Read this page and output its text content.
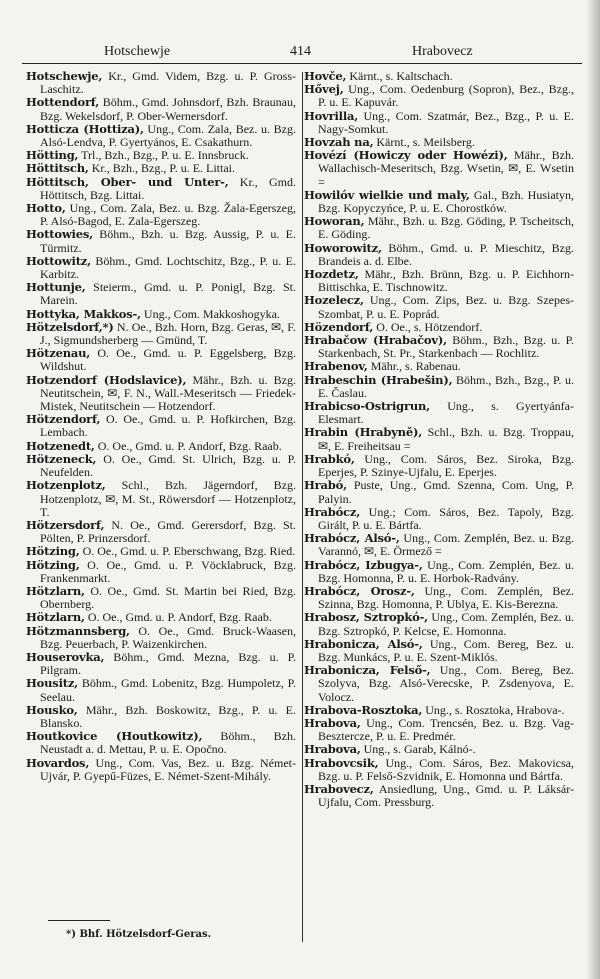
Hotschewje	414	Hrabovecz

Hotschewje, Kr., Gmd. Videm, Bzg. u. P. Gross-Laschitz.

Hottendorf, Böhm., Gmd. Johnsdorf, Bzh. Braunau, Bzg. Wekelsdorf, P. Ober-Wernersdorf.

Hotticza (Hottiza), Ung., Com. Zala, Bez. u. Bzg. Alsó-Lendva, P. Gyertyános, E. Csakathurn.

Hötting, Trl., Bzh., Bzg., P. u. E. Innsbruck.

Höttitsch, Kr., Bzh., Bzg., P. u. E. Littai.

Höttitsch, Ober- und Unter-, Kr., Gmd. Höttitsch, Bzg. Littai.

Hotto, Ung., Com. Zala, Bez. u. Bzg. Žala-Egerszeg, P. Alsó-Bagod, E. Zala-Egerszeg.

Hottowies, Böhm., Bzh. u. Bzg. Aussig, P. u. E. Türmitz.

Hottowitz, Böhm., Gmd. Lochtschitz, Bzg., P. u. E. Karbitz.

Hottunje, Steierm., Gmd. u. P. Ponigl, Bzg. St. Marein.

Hottyka, Makkos-, Ung., Com. Makkoshogyka.

Hötzelsdorf,*) N. Oe., Bzh. Horn, Bzg. Geras, ✉, F. J., Sigmundsherberg — Gmünd, T.

Hötzenau, O. Oe., Gmd. u. P. Eggelsberg, Bzg. Wildshut.

Hotzendorf (Hodslavice), Mähr., Bzh. u. Bzg. Neutitschein, ✉, F. N., Wall.-Meseritsch — Friedek-Mistek, Neutitschein — Hotzendorf.

Hötzendorf, O. Oe., Gmd. u. P. Hofkirchen, Bzg. Lembach.

Hotzenedt, O. Oe., Gmd. u. P. Andorf, Bzg. Raab.

Hötzeneck, O. Oe., Gmd. St. Ulrich, Bzg. u. P. Neufelden.

Hotzenplotz, Schl., Bzh. Jägerndorf, Bzg. Hotzenplotz, ✉, M. St., Röwersdorf — Hotzenplotz, T.

Hötzersdorf, N. Oe., Gmd. Gerersdorf, Bzg. St. Pölten, P. Prinzersdorf.

Hötzing, O. Oe., Gmd. u. P. Eberschwang, Bzg. Ried.

Hötzing, O. Oe., Gmd. u. P. Vöcklabruck, Bzg. Frankenmarkt.

Hötzlarn, O. Oe., Gmd. St. Martin bei Ried, Bzg. Obernberg.

Hötzlarn, O. Oe., Gmd. u. P. Andorf, Bzg. Raab.

Hötzmannsberg, O. Oe., Gmd. Bruck-Waasen, Bzg. Peuerbach, P. Waizenkirchen.

Houserovka, Böhm., Gmd. Mezna, Bzg. u. P. Pilgram.

Housitz, Böhm., Gmd. Lobenitz, Bzg. Humpoletz, P. Seelau.

Housko, Mähr., Bzh. Boskowitz, Bzg., P. u. E. Blansko.

Houtkovice (Houtkowitz), Böhm., Bzh. Neustadt a. d. Mettau, P. u. E. Opočno.

Hovardos, Ung., Com. Vas, Bez. u. Bzg. Német-Ujvár, P. Gyepű-Füzes, E. Német-Szent-Mihály.

Hovče, Kärnt., s. Kaltschach.

Hővej, Ung., Com. Oedenburg (Sopron), Bez., Bzg., P. u. E. Kapuvár.

Hovrilla, Ung., Com. Szatmár, Bez., Bzg., P. u. E. Nagy-Somkut.

Hovzah na, Kärnt., s. Meilsberg.

Hovézí (Howiczy oder Howézi), Mähr., Bzh. Wallachisch-Meseritsch, Bzg. Wsetin, ✉, E. Wsetin =

Howilóv wielkie und maly, Gal., Bzh. Husiatyn, Bzg. Kopyczyńce, P. u. E. Chorostków.

Howoran, Mähr., Bzh. u. Bzg. Göding, P. Tscheitsch, E. Göding.

Howorowitz, Böhm., Gmd. u. P. Mieschitz, Bzg. Brandeis a. d. Elbe.

Hozdetz, Mähr., Bzh. Brünn, Bzg. u. P. Eichhorn-Bittischka, E. Tischnowitz.

Hozelecz, Ung., Com. Zips, Bez. u. Bzg. Szepes-Szombat, P. u. E. Poprád.

Hözendorf, O. Oe., s. Hötzendorf.

Hrabačow (Hrabačov), Böhm., Bzh., Bzg. u. P. Starkenbach, St. Pr., Starkenbach — Rochlitz.

Hrabenov, Mähr., s. Rabenau.

Hrabeschin (Hrabešin), Böhm., Bzh., Bzg., P. u. E. Časlau.

Hrabicso-Ostrigrun, Ung., s. Gyertyánfa-Elesmart.

Hrabin (Hrabyně), Schl., Bzh. u. Bzg. Troppau, ✉, E. Freiheitsau =

Hrabkó, Ung., Com. Sáros, Bez. Siroka, Bzg. Eperjes, P. Szinye-Ujfalu, E. Eperjes.

Hrabó, Puste, Ung., Gmd. Szenna, Com. Ung, P. Palyin.

Hrabócz, Ung.; Com. Sáros, Bez. Tapoly, Bzg. Girált, P. u. E. Bártfa.

Hrabócz, Alsó-, Ung., Com. Zemplén, Bez. u. Bzg. Varannó, ✉, E. Örmező =

Hrabócz, Izbugya-, Ung., Com. Zemplén, Bez. u. Bzg. Homonna, P. u. E. Horbok-Radvány.

Hrabócz, Orosz-, Ung., Com. Zemplén, Bez. Szinna, Bzg. Homonna, P. Ublya, E. Kis-Berezna.

Hrabosz, Sztropkó-, Ung., Com. Zemplén, Bez. u. Bzg. Sztropkó, P. Kelcse, E. Homonna.

Hrabonicza, Alsó-, Ung., Com. Bereg, Bez. u. Bzg. Munkács, P. u. E. Szent-Miklós.

Hrabonicza, Felső-, Ung., Com. Bereg, Bez. Szolyva, Bzg. Alsó-Verecske, P. Zsdenyova, E. Volocz.

Hrabova-Rosztoka, Ung., s. Rosztoka, Hrabova-.

Hrabova, Ung., Com. Trencsén, Bez. u. Bzg. Vag-Besztercze, P. u. E. Predmér.

Hrabova, Ung., s. Garab, Kálnó-.

Hrabovcsik, Ung., Com. Sáros, Bez. Makovicsa, Bzg. u. P. Felső-Szvidnik, E. Homonna und Bártfa.

Hrabovecz, Ansiedlung, Ung., Gmd. u. P. Láksár-Ujfalu, Com. Pressburg.

*) Bhf. Hötzelsdorf-Geras.
